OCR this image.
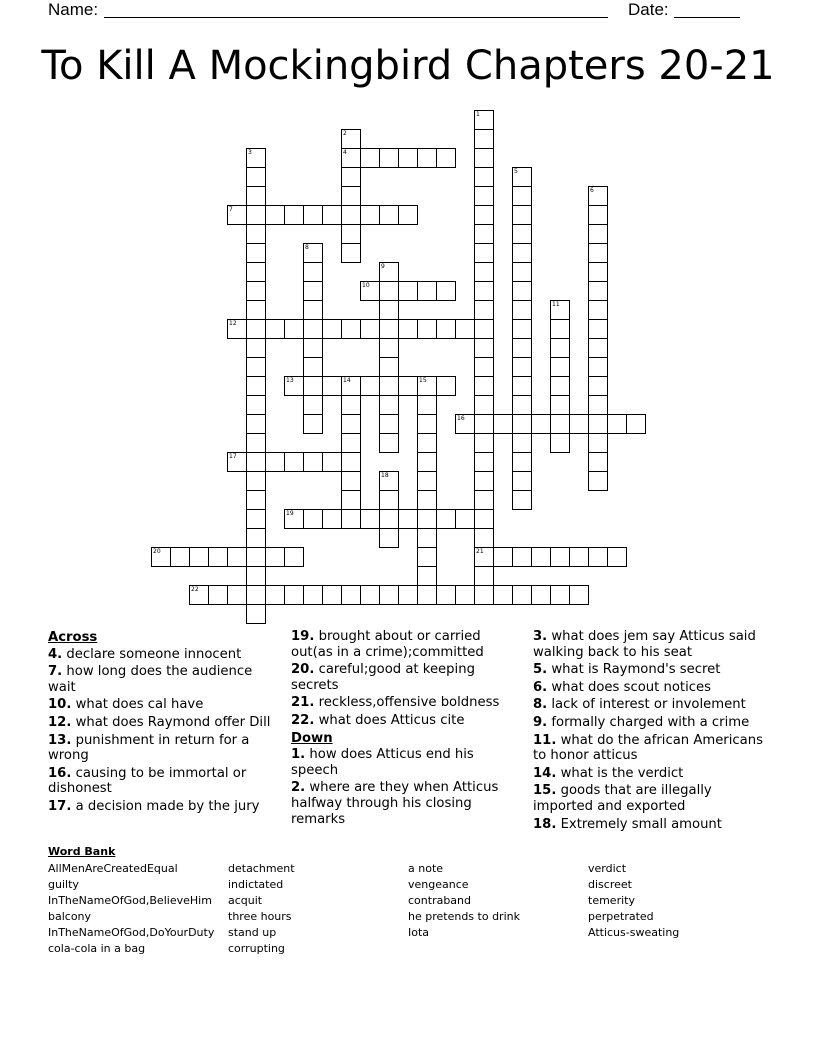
Name:	Date:
To Kill A Mockingbird Chapters 20-21
1
2
3	4
5
6
7
8
9
10
11
12
13	14	15
16
17
18
19
20	21
22
Across
4. declare someone innocent
7. how long does the audience wait
10. what does cal have
12. what does Raymond offer Dill
13. punishment in return for a wrong
16. causing to be immortal or dishonest
17. a decision made by the jury
19. brought about or carried out(as in a crime);committed
20. careful;good at keeping secrets
21. reckless,offensive boldness
22. what does Atticus cite
Down
1. how does Atticus end his speech
2. where are they when Atticus halfway through his closing remarks
3. what does jem say Atticus said walking back to his seat
5. what is Raymond's secret
6. what does scout notices
8. lack of interest or involement
9. formally charged with a crime
11. what do the african Americans to honor atticus
14. what is the verdict
15. goods that are illegally imported and exported
18. Extremely small amount
Word Bank
AllMenAreCreatedEqual
guilty
InTheNameOfGod,BelieveHim
balcony
InTheNameOfGod,DoYourDuty
cola-cola in a bag
detachment
indictated
acquit
three hours
stand up
corrupting
a note
vengeance
contraband
he pretends to drink
Iota
verdict
discreet
temerity
perpetrated
Atticus-sweating
